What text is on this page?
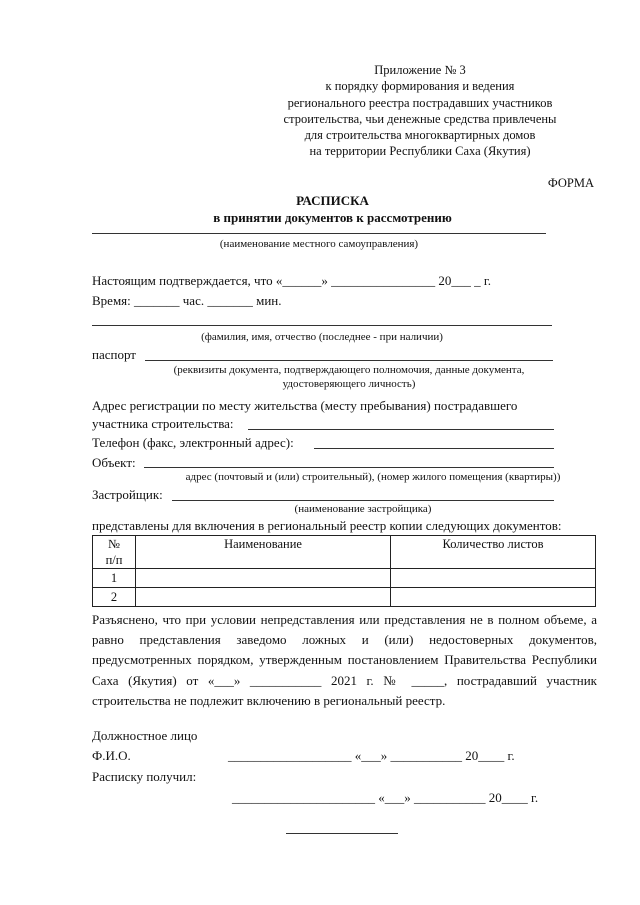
Приложение № 3
к порядку формирования и ведения
регионального реестра пострадавших участников
строительства, чьи денежные средства привлечены
для строительства многоквартирных домов
на территории Республики Саха (Якутия)
ФОРМА
РАСПИСКА
в принятии документов к рассмотрению
(наименование местного самоуправления)
Настоящим подтверждается, что «______» ________________ 20___ _ г.
Время: _______ час. _______ мин.
(фамилия, имя, отчество (последнее - при наличии)
паспорт
(реквизиты документа, подтверждающего полномочия, данные документа,
удостоверяющего личность)
Адрес регистрации по месту жительства (месту пребывания) пострадавшего
участника строительства:
Телефон (факс, электронный адрес):
Объект:
адрес (почтовый и (или) строительный), (номер жилого помещения (квартиры))
Застройщик:
(наименование застройщика)
представлены для включения в региональный реестр копии следующих документов:
№
п/п	Наименование	Количество листов
1		
2		
Разъяснено, что при условии непредставления или представления не в полном объеме, а равно представления заведомо ложных и (или) недостоверных документов, предусмотренных порядком, утвержденным постановлением Правительства Республики Саха (Якутия) от «___» ___________ 2021 г. № _____, пострадавший участник строительства не подлежит включению в региональный реестр.
Должностное лицо
Ф.И.О.	___________________ «___» ___________ 20____ г.
Расписку получил:
______________________ «___» ___________ 20____ г.
